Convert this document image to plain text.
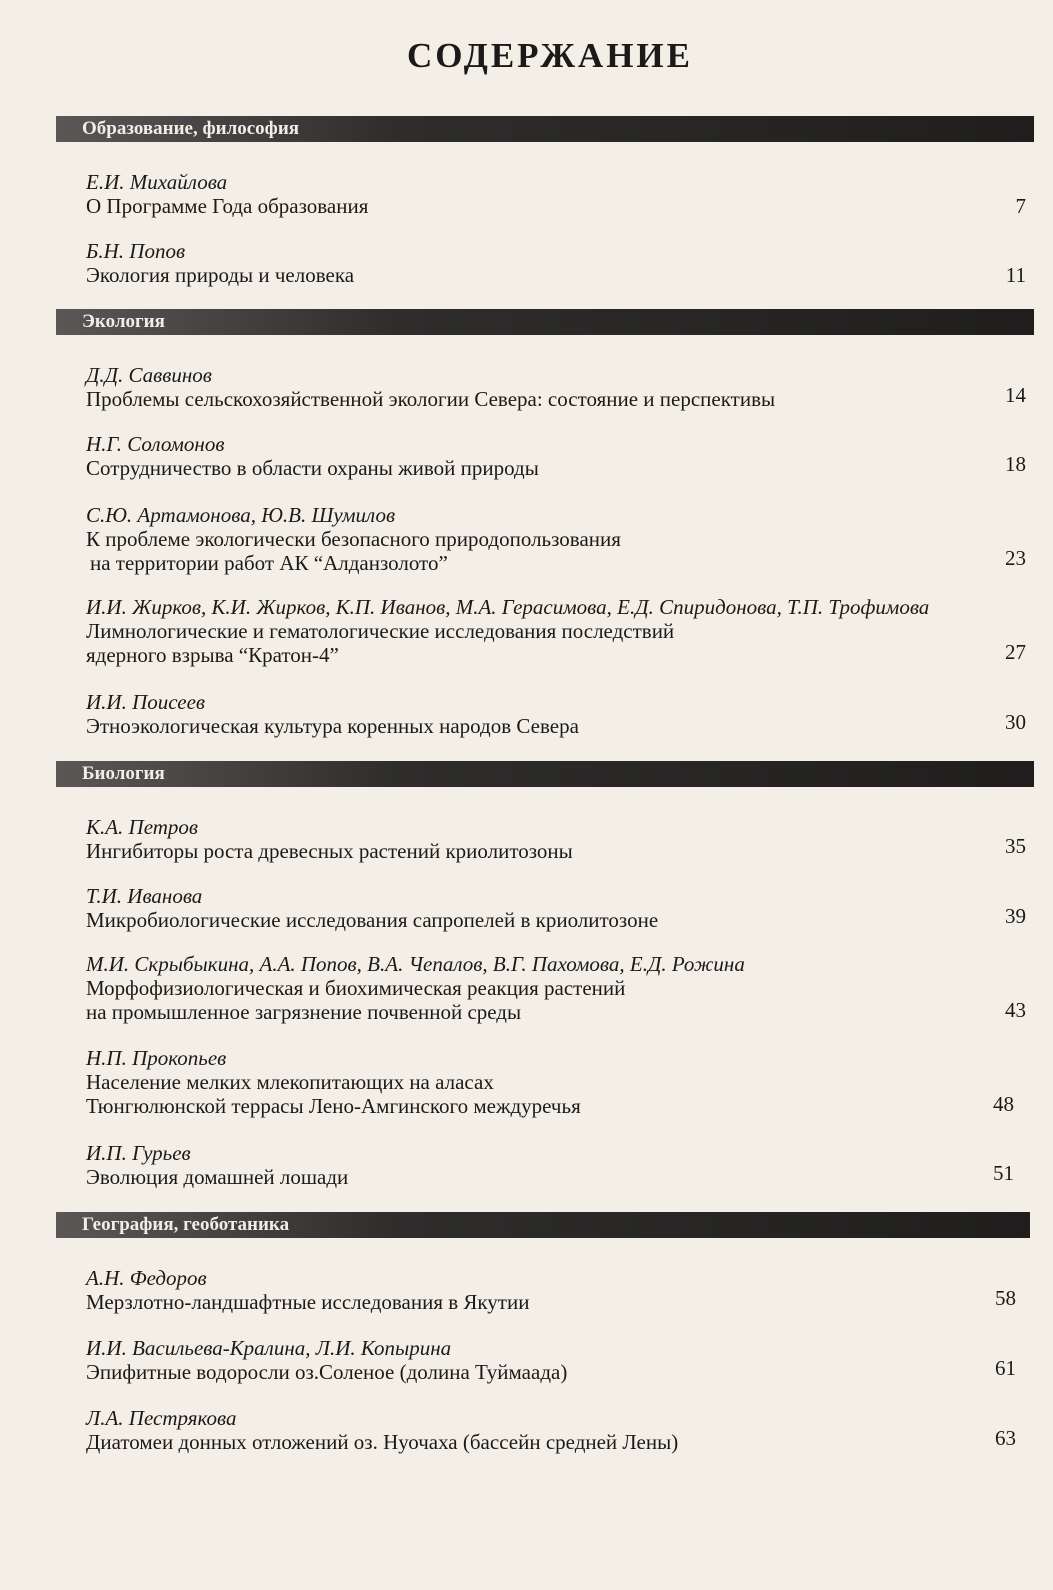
СОДЕРЖАНИЕ
Образование, философия
Е.И. Михайлова
О Программе Года образования	7
Б.Н. Попов
Экология природы и человека	11
Экология
Д.Д. Саввинов
Проблемы сельскохозяйственной экологии Севера: состояние и перспективы	14
Н.Г. Соломонов
Сотрудничество в области охраны живой природы	18
С.Ю. Артамонова, Ю.В. Шумилов
К проблеме экологически безопасного природопользования
на территории работ АК “Алданзолото”	23
И.И. Жирков, К.И. Жирков, К.П. Иванов, М.А. Герасимова, Е.Д. Спиридонова, Т.П. Трофимова
Лимнологические и гематологические исследования последствий
ядерного взрыва “Кратон-4”	27
И.И. Поисеев
Этноэкологическая культура коренных народов Севера	30
Биология
К.А. Петров
Ингибиторы роста древесных растений криолитозоны	35
Т.И. Иванова
Микробиологические исследования сапропелей в криолитозоне	39
М.И. Скрыбыкина, А.А. Попов, В.А. Чепалов, В.Г. Пахомова, Е.Д. Рожина
Морфофизиологическая и биохимическая реакция растений
на промышленное загрязнение почвенной среды	43
Н.П. Прокопьев
Население мелких млекопитающих на аласах
Тюнгюлюнской террасы Лено-Амгинского междуречья	48
И.П. Гурьев
Эволюция домашней лошади	51
География, геоботаника
А.Н. Федоров
Мерзлотно-ландшафтные исследования в Якутии	58
И.И. Васильева-Кралина, Л.И. Копырина
Эпифитные водоросли оз.Соленое (долина Туймаада)	61
Л.А. Пестрякова
Диатомеи донных отложений оз. Нуочаха (бассейн средней Лены)	63
